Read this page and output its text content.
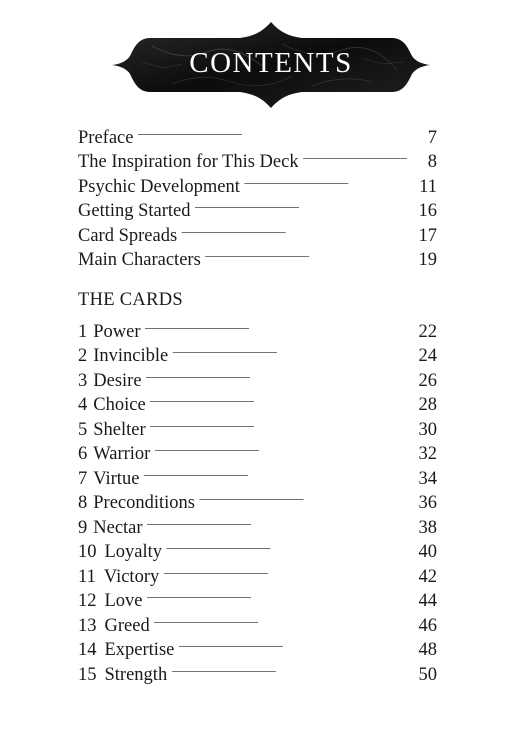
CONTENTS
Preface . . .	7
The Inspiration for This Deck . . .	8
Psychic Development . . .	11
Getting Started . . .	16
Card Spreads . . .	17
Main Characters . . .	19
THE CARDS
1 Power . . .	22
2 Invincible . . .	24
3 Desire . . .	26
4 Choice . . .	28
5 Shelter . . .	30
6 Warrior . . .	32
7 Virtue . . .	34
8 Preconditions . . .	36
9 Nectar . . .	38
10 Loyalty . . .	40
11 Victory . . .	42
12 Love . . .	44
13 Greed . . .	46
14 Expertise . . .	48
15 Strength . . .	50
